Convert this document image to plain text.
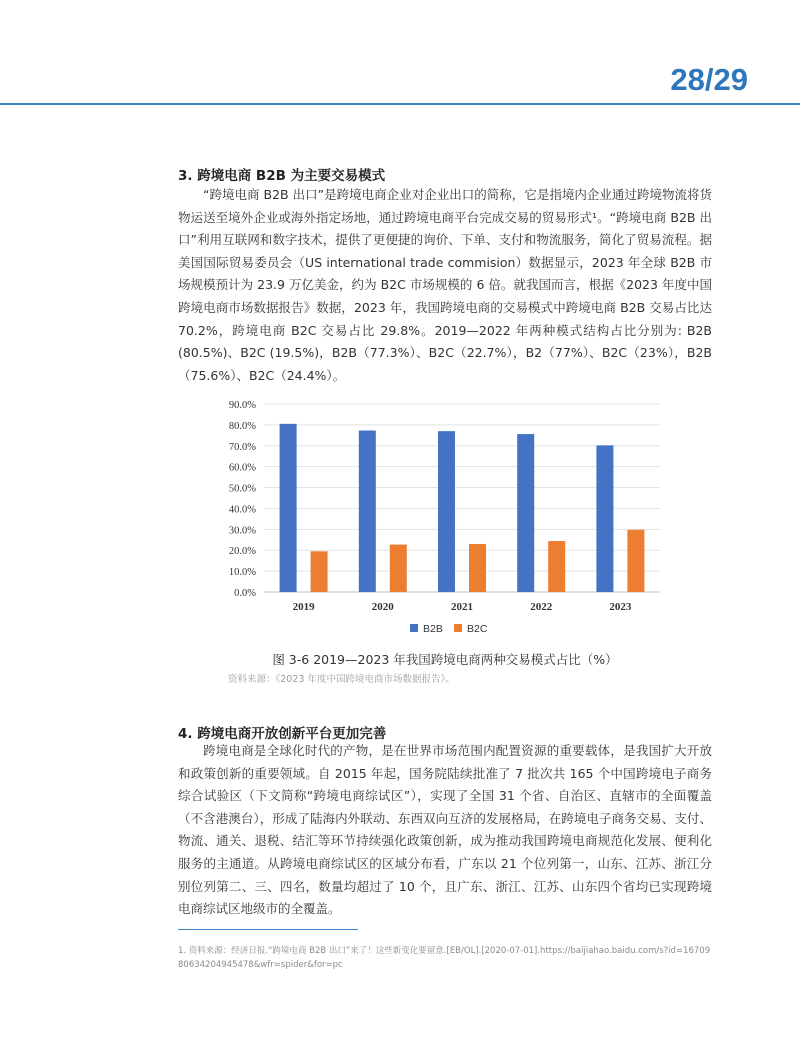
28/29
3. 跨境电商 B2B 为主要交易模式

“跨境电商 B2B 出口”是跨境电商企业对企业出口的简称，它是指境内企业通过跨境物流将货物运送至境外企业或海外指定场地，通过跨境电商平台完成交易的贸易形式¹。“跨境电商 B2B 出口”利用互联网和数字技术，提供了更便捷的询价、下单、支付和物流服务，简化了贸易流程。据美国国际贸易委员会（US international trade commision）数据显示，2023 年全球 B2B 市场规模预计为 23.9 万亿美金，约为 B2C 市场规模的 6 倍。就我国而言，根据《2023 年度中国跨境电商市场数据报告》数据，2023 年，我国跨境电商的交易模式中跨境电商 B2B 交易占比达 70.2%，跨境电商 B2C 交易占比 29.8%。2019—2022 年两种模式结构占比分别为: B2B (80.5%)、B2C (19.5%)，B2B（77.3%）、B2C（22.7%），B2（77%）、B2C（23%），B2B（75.6%）、B2C（24.4%）。

0.0%
10.0%
20.0%
30.0%
40.0%
50.0%
60.0%
70.0%
80.0%
90.0%
2019	2020	2021	2022	2023
B2B B2C

图 3-6 2019—2023 年我国跨境电商两种交易模式占比（%）

资料来源：《2023 年度中国跨境电商市场数据报告》。

4. 跨境电商开放创新平台更加完善

跨境电商是全球化时代的产物，是在世界市场范围内配置资源的重要载体，是我国扩大开放和政策创新的重要领域。自 2015 年起，国务院陆续批准了 7 批次共 165 个中国跨境电子商务综合试验区（下文简称“跨境电商综试区”），实现了全国 31 个省、自治区、直辖市的全面覆盖（不含港澳台），形成了陆海内外联动、东西双向互济的发展格局，在跨境电子商务交易、支付、物流、通关、退税、结汇等环节持续强化政策创新，成为推动我国跨境电商规范化发展、便利化服务的主通道。从跨境电商综试区的区域分布看，广东以 21 个位列第一，山东、江苏、浙江分别位列第二、三、四名，数量均超过了 10 个，且广东、浙江、江苏、山东四个省均已实现跨境电商综试区地级市的全覆盖。

1. 资料来源：经济日报.“跨境电商 B2B 出口”来了！这些新变化要留意.[EB/OL].[2020-07-01].https://baijiahao.baidu.com/s?id=1670980634204945478&wfr=spider&for=pc
